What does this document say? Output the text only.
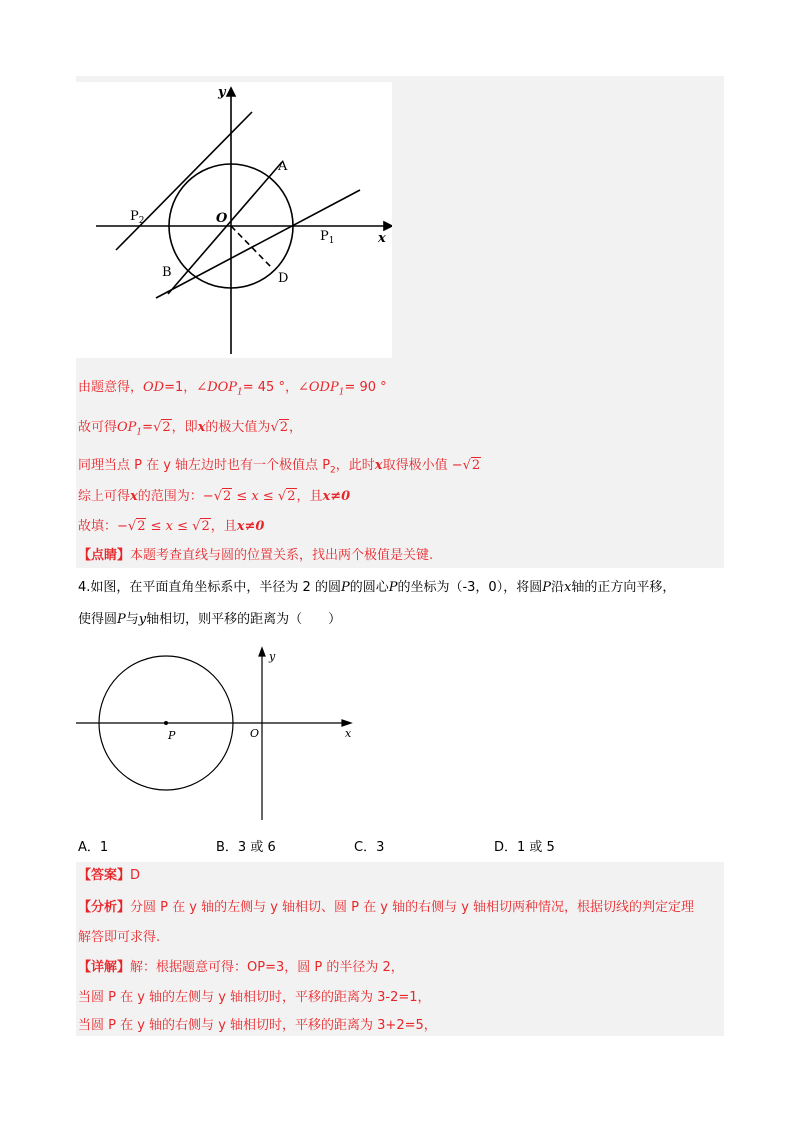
x
y
O
A
B	D
$P_1$
$P_2$
由题意得，OD=1，$\angle DOP_1= 45$ °，$\angle ODP_1= 90$ °
故可得$OP_1=√2$，即x的极大值为√2，
同理当点 P 在 y 轴左边时也有一个极值点 $P_2$，此时x取得极小值 −√2
综上可得x的范围为：−√2 ≤ x ≤ √2，且x≠0
故填：−√2 ≤ x ≤ √2，且x≠0
【点睛】本题考查直线与圆的位置关系，找出两个极值是关键.
4.如图，在平面直角坐标系中，半径为 2 的圆P的圆心P的坐标为（-3，0），将圆P沿x轴的正方向平移，
使得圆P与y轴相切，则平移的距离为（　　）
x
y
O
P
A．1	B．3 或 6	C．3	D．1 或 5
【答案】D
【分析】分圆 P 在 y 轴的左侧与 y 轴相切、圆 P 在 y 轴的右侧与 y 轴相切两种情况，根据切线的判定定理
解答即可求得.
【详解】解：根据题意可得：OP=3，圆 P 的半径为 2，
当圆 P 在 y 轴的左侧与 y 轴相切时，平移的距离为 3-2=1，
当圆 P 在 y 轴的右侧与 y 轴相切时，平移的距离为 3+2=5，
